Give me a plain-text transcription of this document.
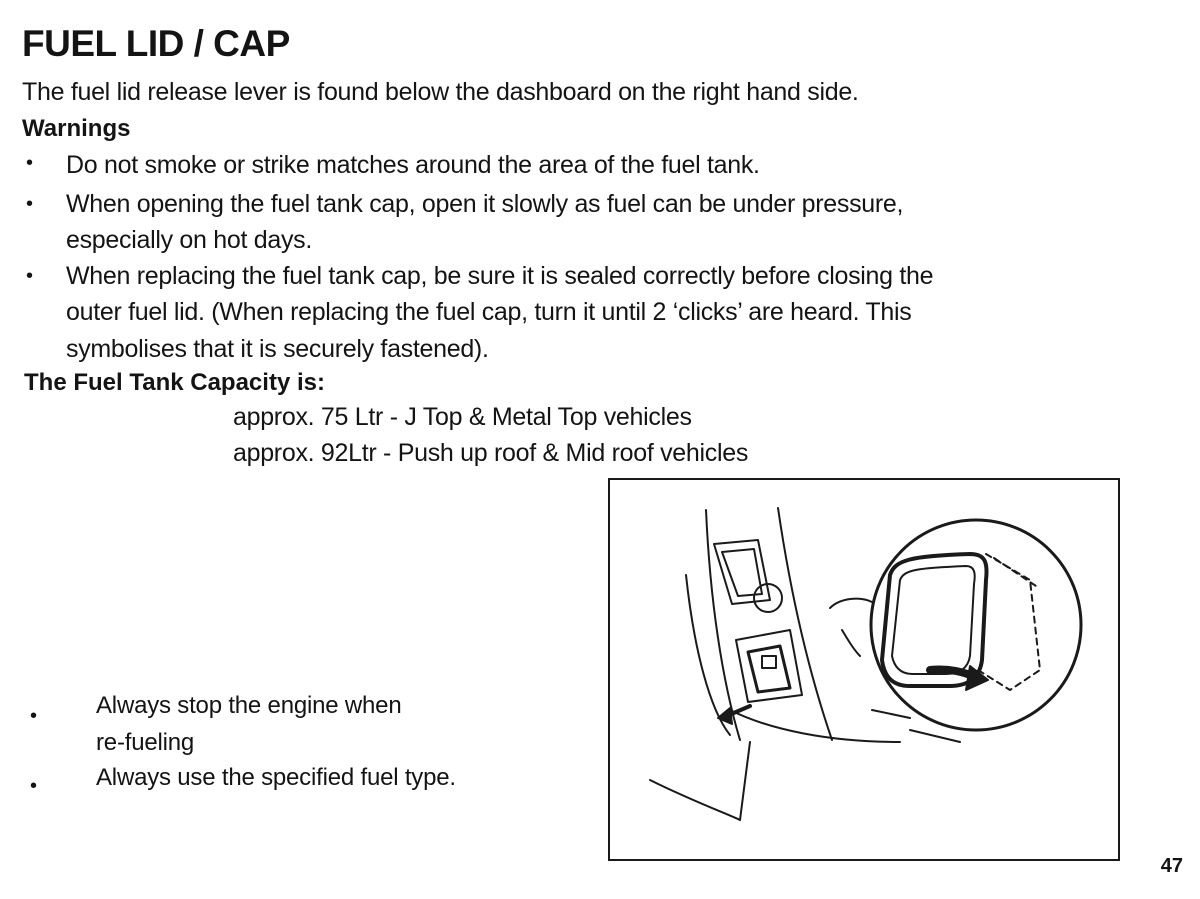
FUEL LID / CAP
The fuel lid release lever is found below the dashboard on the right hand side.
Warnings
• Do not smoke or strike matches around the area of the fuel tank.
• When opening the fuel tank cap, open it slowly as fuel can be under pressure,
especially on hot days.
• When replacing the fuel tank cap, be sure it is sealed correctly before closing the
outer fuel lid. (When replacing the fuel cap, turn it until 2 ‘clicks’ are heard. This
symbolises that it is securely fastened).
The Fuel Tank Capacity is:
approx. 75 Ltr - J Top & Metal Top vehicles
approx. 92Ltr - Push up roof & Mid roof vehicles
• Always stop the engine when
re-fueling
• Always use the specified fuel type.
47
